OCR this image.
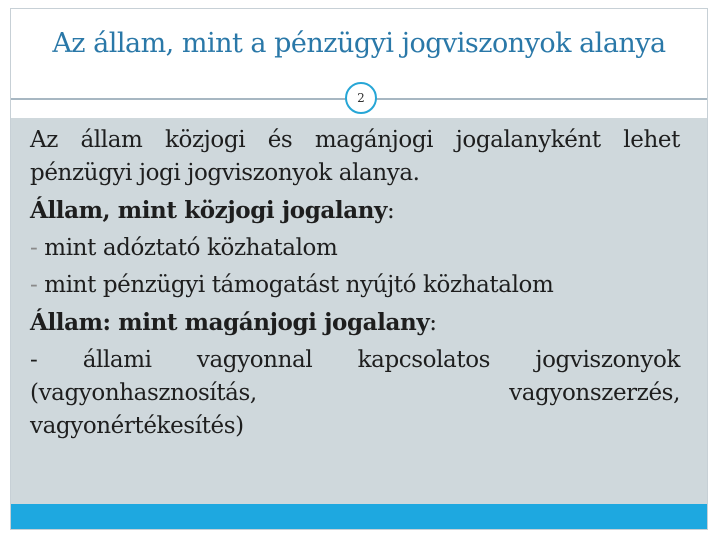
Az állam, mint a pénzügyi jogviszonyok alanya
2
Az állam közjogi és magánjogi jogalanyként lehet

pénzügyi jogi jogviszonyok alanya.

Állam, mint közjogi jogalany:

- mint adóztató közhatalom

- mint pénzügyi támogatást nyújtó közhatalom

Állam: mint magánjogi jogalany:

- állami vagyonnal kapcsolatos jogviszonyok
(vagyonhasznosítás,	vagyonszerzés,

vagyonértékesítés)
